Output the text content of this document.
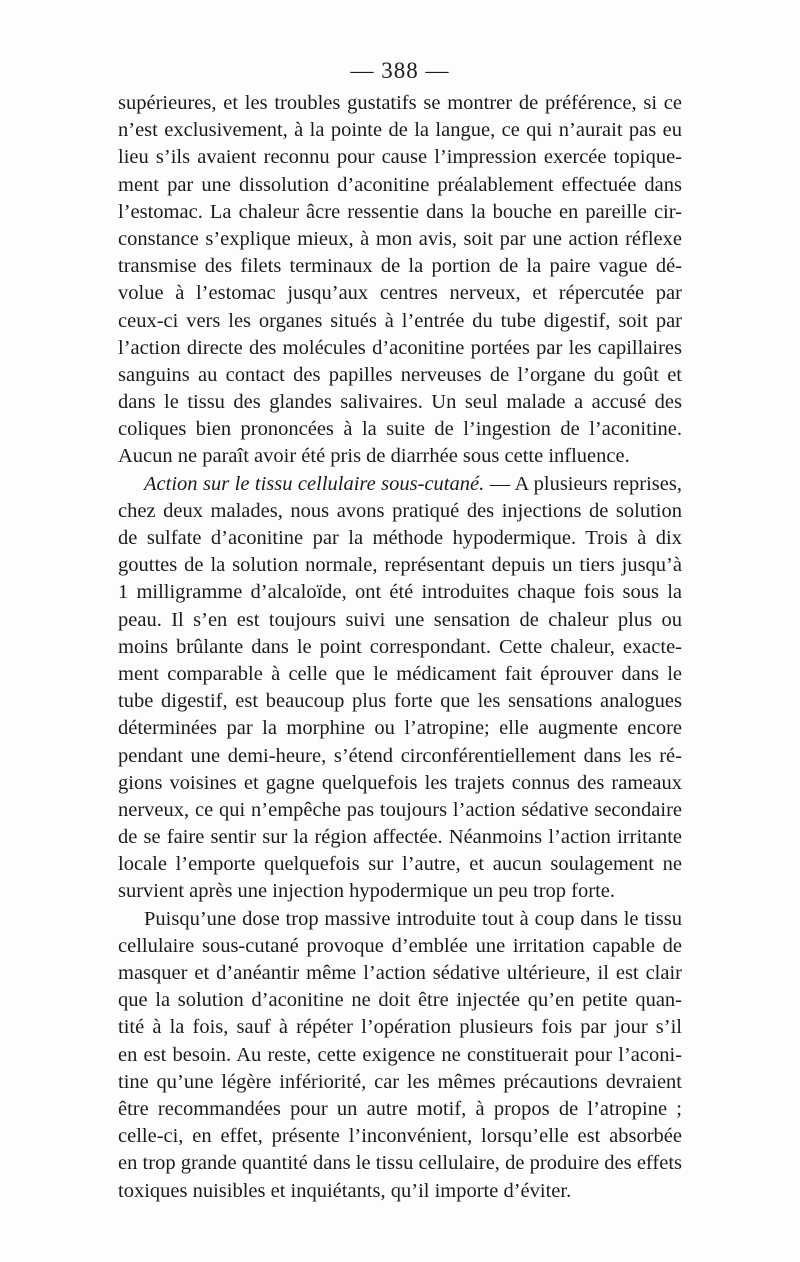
— 388 —
supérieures, et les troubles gustatifs se montrer de préférence, si ce
n’est exclusivement, à la pointe de la langue, ce qui n’aurait pas eu
lieu s’ils avaient reconnu pour cause l’impression exercée topique-
ment par une dissolution d’aconitine préalablement effectuée dans
l’estomac. La chaleur âcre ressentie dans la bouche en pareille cir-
constance s’explique mieux, à mon avis, soit par une action réflexe
transmise des filets terminaux de la portion de la paire vague dé-
volue à l’estomac jusqu’aux centres nerveux, et répercutée par
ceux-ci vers les organes situés à l’entrée du tube digestif, soit par
l’action directe des molécules d’aconitine portées par les capillaires
sanguins au contact des papilles nerveuses de l’organe du goût et
dans le tissu des glandes salivaires. Un seul malade a accusé des
coliques bien prononcées à la suite de l’ingestion de l’aconitine.
Aucun ne paraît avoir été pris de diarrhée sous cette influence.
Action sur le tissu cellulaire sous-cutané. — A plusieurs reprises,
chez deux malades, nous avons pratiqué des injections de solution
de sulfate d’aconitine par la méthode hypodermique. Trois à dix
gouttes de la solution normale, représentant depuis un tiers jusqu’à
1 milligramme d’alcaloïde, ont été introduites chaque fois sous la
peau. Il s’en est toujours suivi une sensation de chaleur plus ou
moins brûlante dans le point correspondant. Cette chaleur, exacte-
ment comparable à celle que le médicament fait éprouver dans le
tube digestif, est beaucoup plus forte que les sensations analogues
déterminées par la morphine ou l’atropine; elle augmente encore
pendant une demi-heure, s’étend circonférentiellement dans les ré-
gions voisines et gagne quelquefois les trajets connus des rameaux
nerveux, ce qui n’empêche pas toujours l’action sédative secondaire
de se faire sentir sur la région affectée. Néanmoins l’action irritante
locale l’emporte quelquefois sur l’autre, et aucun soulagement ne
survient après une injection hypodermique un peu trop forte.
Puisqu’une dose trop massive introduite tout à coup dans le tissu
cellulaire sous-cutané provoque d’emblée une irritation capable de
masquer et d’anéantir même l’action sédative ultérieure, il est clair
que la solution d’aconitine ne doit être injectée qu’en petite quan-
tité à la fois, sauf à répéter l’opération plusieurs fois par jour s’il
en est besoin. Au reste, cette exigence ne constituerait pour l’aconi-
tine qu’une légère infériorité, car les mêmes précautions devraient
être recommandées pour un autre motif, à propos de l’atropine ;
celle-ci, en effet, présente l’inconvénient, lorsqu’elle est absorbée
en trop grande quantité dans le tissu cellulaire, de produire des effets
toxiques nuisibles et inquiétants, qu’il importe d’éviter.
